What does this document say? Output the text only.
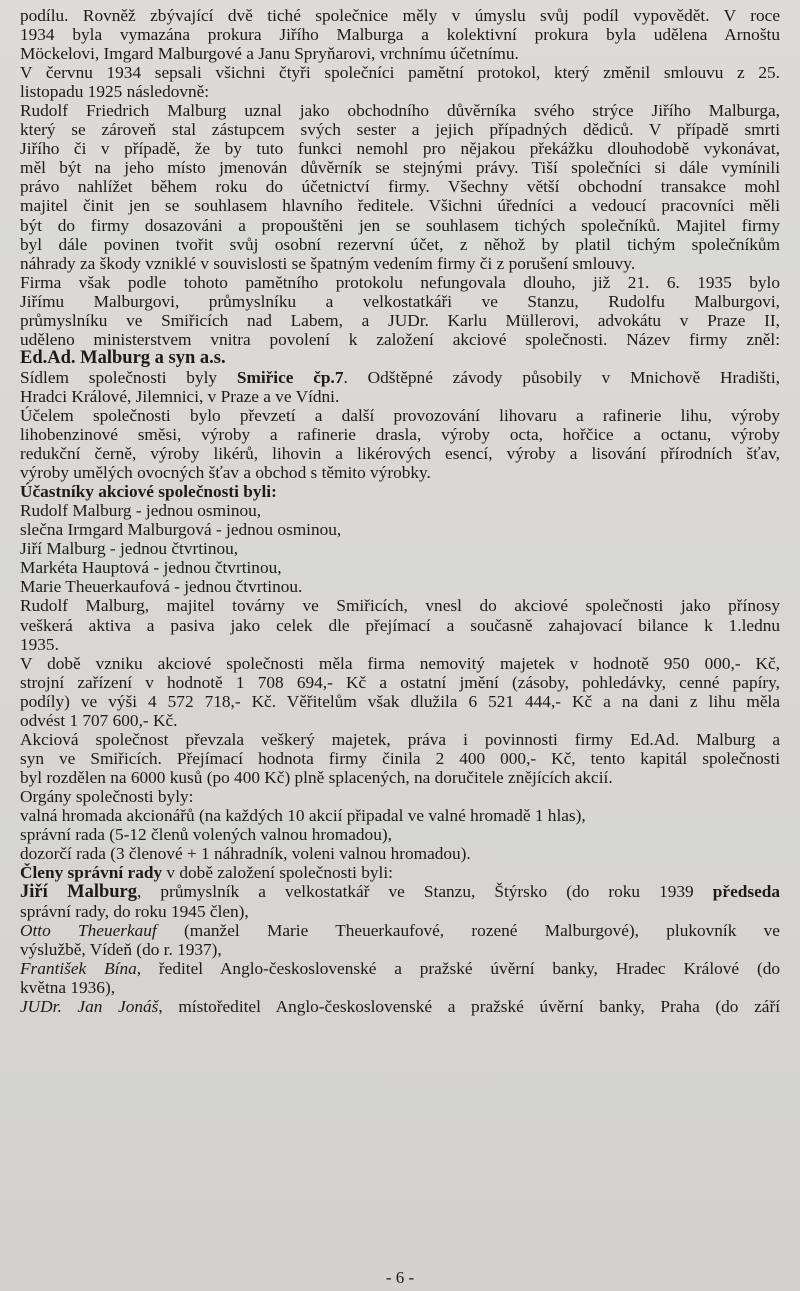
podílu. Rovněž zbývající dvě tiché společnice měly v úmyslu svůj podíl vypovědět. V roce
1934 byla vymazána prokura Jiřího Malburga a kolektivní prokura byla udělena Arnoštu
Möckelovi, Imgard Malburgové a Janu Spryňarovi, vrchnímu účetnímu.
V červnu 1934 sepsali všichni čtyři společníci pamětní protokol, který změnil smlouvu z 25.
listopadu 1925 následovně:
Rudolf Friedrich Malburg uznal jako obchodního důvěrníka svého strýce Jiřího Malburga,
který se zároveň stal zástupcem svých sester a jejich případných dědiců. V případě smrti
Jiřího či v případě, že by tuto funkci nemohl pro nějakou překážku dlouhodobě vykonávat,
měl být na jeho místo jmenován důvěrník se stejnými právy. Tiší společníci si dále vymínili
právo nahlížet během roku do účetnictví firmy. Všechny větší obchodní transakce mohl
majitel činit jen se souhlasem hlavního ředitele. Všichni úředníci a vedoucí pracovníci měli
být do firmy dosazováni a propouštěni jen se souhlasem tichých společníků. Majitel firmy
byl dále povinen tvořit svůj osobní rezervní účet, z něhož by platil tichým společníkům
náhrady za škody vzniklé v souvislosti se špatným vedením firmy či z porušení smlouvy.
Firma však podle tohoto pamětního protokolu nefungovala dlouho, již 21. 6. 1935 bylo
Jiřímu Malburgovi, průmyslníku a velkostatkáři ve Stanzu, Rudolfu Malburgovi,
průmyslníku ve Smiřicích nad Labem, a JUDr. Karlu Müllerovi, advokátu v Praze II,
uděleno ministerstvem vnitra povolení k založení akciové společnosti. Název firmy zněl:
Ed.Ad. Malburg a syn a.s.
Sídlem společnosti byly Smiřice čp.7. Odštěpné závody působily v Mnichově Hradišti,
Hradci Králové, Jilemnici, v Praze a ve Vídni.
Účelem společnosti bylo převzetí a další provozování lihovaru a rafinerie lihu, výroby
lihobenzinové směsi, výroby a rafinerie drasla, výroby octa, hořčice a octanu, výroby
redukční černě, výroby likérů, lihovin a likérových esencí, výroby a lisování přírodních šťav,
výroby umělých ovocných šťav a obchod s těmito výrobky.
Účastníky akciové společnosti byli:
Rudolf Malburg - jednou osminou,
slečna Irmgard Malburgová - jednou osminou,
Jiří Malburg - jednou čtvrtinou,
Markéta Hauptová - jednou čtvrtinou,
Marie Theuerkaufová - jednou čtvrtinou.
Rudolf Malburg, majitel továrny ve Smiřicích, vnesl do akciové společnosti jako přínosy
veškerá aktiva a pasiva jako celek dle přejímací a současně zahajovací bilance k 1.lednu
1935.
V době vzniku akciové společnosti měla firma nemovitý majetek v hodnotě 950 000,- Kč,
strojní zařízení v hodnotě 1 708 694,- Kč a ostatní jmění (zásoby, pohledávky, cenné papíry,
podíly) ve výši 4 572 718,- Kč. Věřitelům však dlužila 6 521 444,- Kč a na dani z lihu měla
odvést 1 707 600,- Kč.
Akciová společnost převzala veškerý majetek, práva i povinnosti firmy Ed.Ad. Malburg a
syn ve Smiřicích. Přejímací hodnota firmy činila 2 400 000,- Kč, tento kapitál společnosti
byl rozdělen na 6000 kusů (po 400 Kč) plně splacených, na doručitele znějících akcií.
Orgány společnosti byly:
valná hromada akcionářů (na každých 10 akcií připadal ve valné hromadě 1 hlas),
správní rada (5-12 členů volených valnou hromadou),
dozorčí rada (3 členové + 1 náhradník, voleni valnou hromadou).
Členy správní rady v době založení společnosti byli:
Jiří Malburg, průmyslník a velkostatkář ve Stanzu, Štýrsko (do roku 1939 předseda
správní rady, do roku 1945 člen),
Otto Theuerkauf (manžel Marie Theuerkaufové, rozené Malburgové), plukovník ve
výslužbě, Vídeň (do r. 1937),
František Bína, ředitel Anglo-československé a pražské úvěrní banky, Hradec Králové (do
května 1936),
JUDr. Jan Jonáš, místoředitel Anglo-československé a pražské úvěrní banky, Praha (do září
- 6 -
